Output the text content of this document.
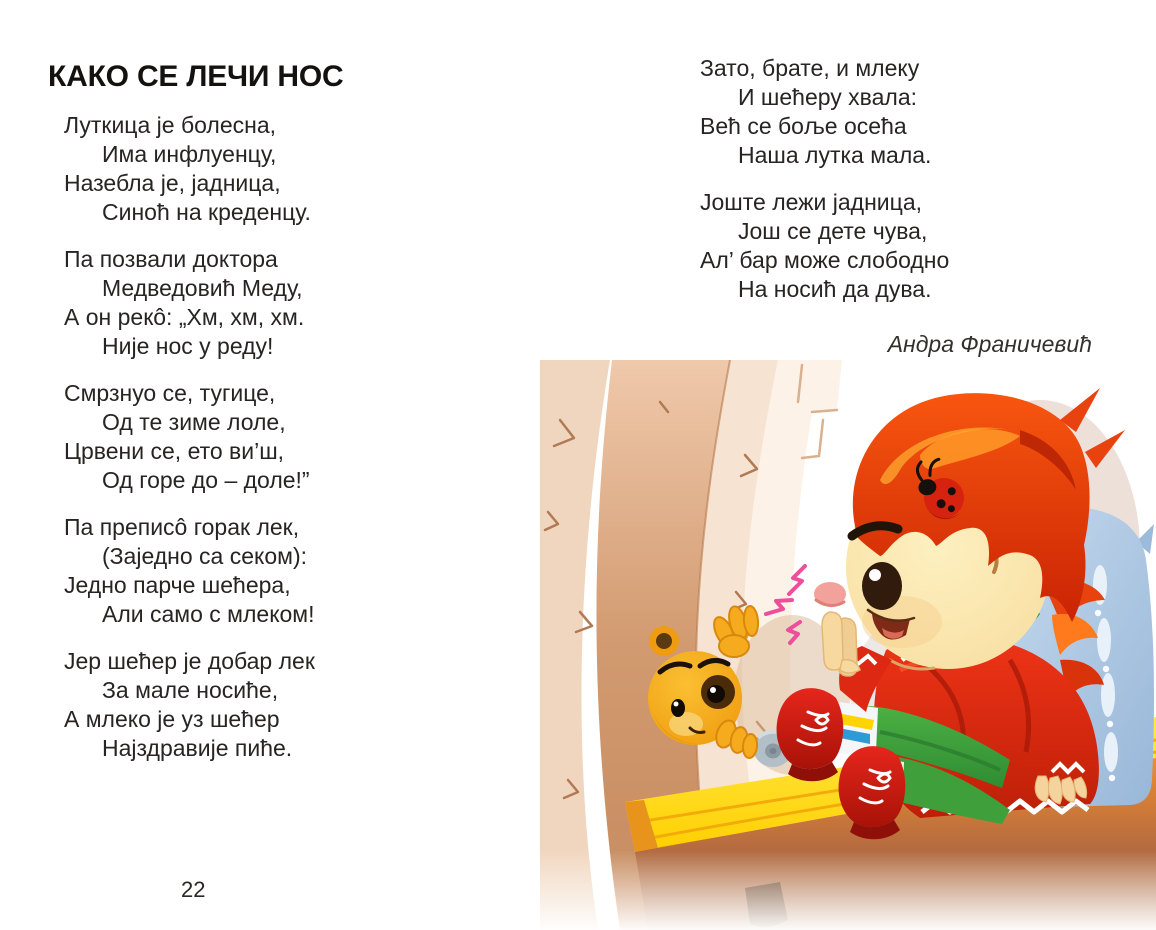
КАКО СЕ ЛЕЧИ НОС
Луткица је болесна,
Има инфлуенцу,
Назебла је, јадница,
Синоћ на креденцу.
Па позвали доктора
Медведовић Меду,
А он рекô: „Хм, хм, хм.
Није нос у реду!
Смрзнуо се, тугице,
Од те зиме лоле,
Црвени се, ето ви’ш,
Од горе до – доле!”
Па преписô горак лек,
(Заједно са секом):
Једно парче шећера,
Али само с млеком!
Јер шећер је добар лек
За мале носиће,
А млеко је уз шећер
Најздравије пиће.
Зато, брате, и млеку
И шећеру хвала:
Већ се боље осећа
Наша лутка мала.
Јоште лежи јадница,
Још се дете чува,
Ал’ бар може слободно
На носић да дува.
Андра Франичевић
22
